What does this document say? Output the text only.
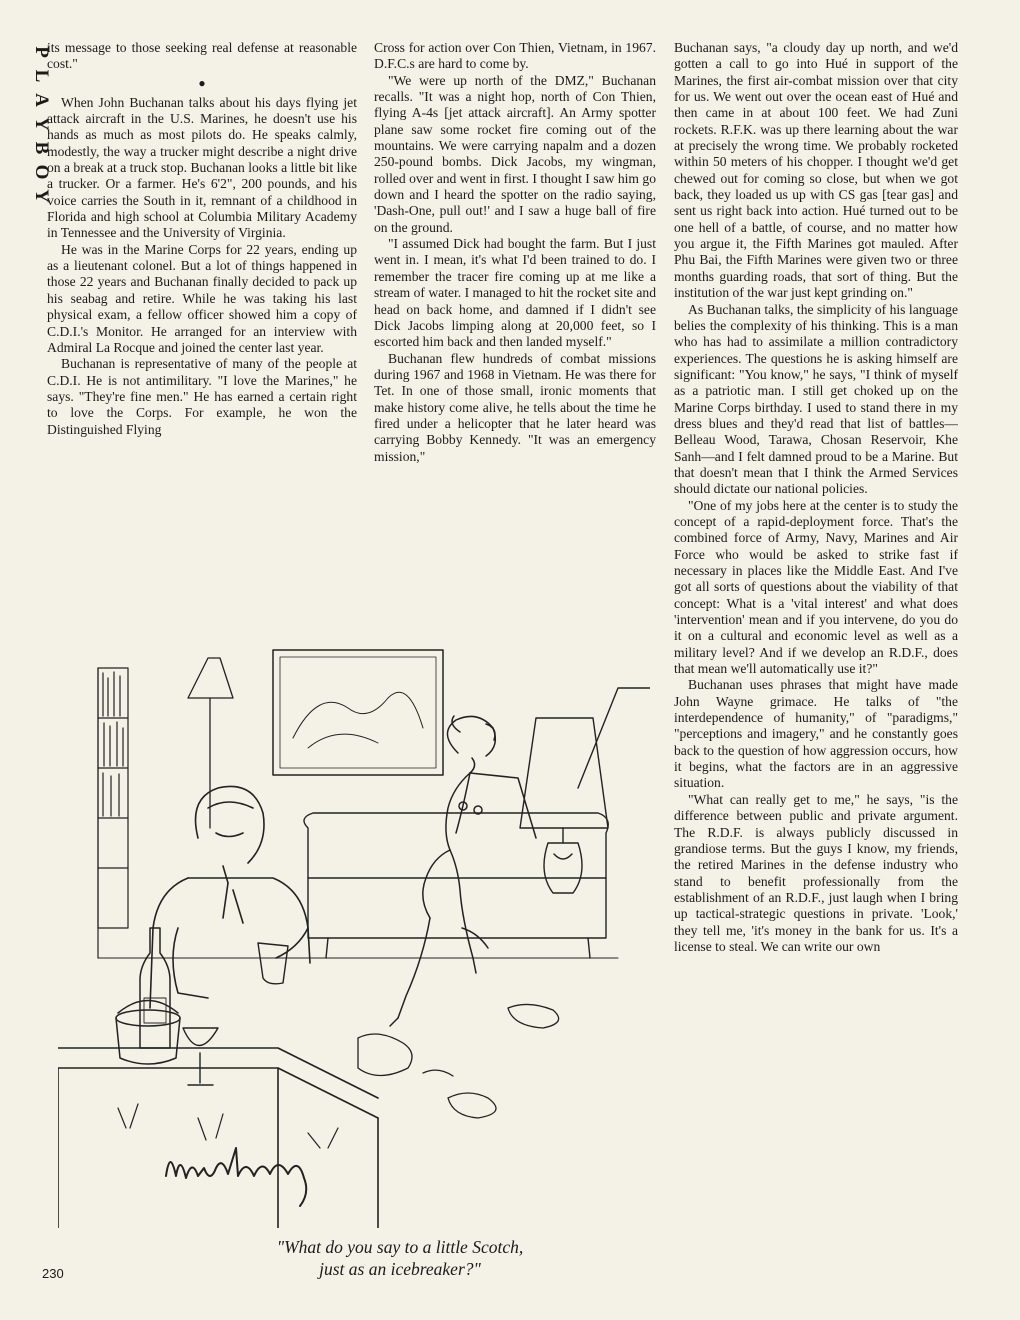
P
L
A
Y
B
O
Y

its message to those seeking real defense at reasonable cost."

●

When John Buchanan talks about his days flying jet attack aircraft in the U.S. Marines, he doesn't use his hands as much as most pilots do. He speaks calmly, modestly, the way a trucker might describe a night drive on a break at a truck stop. Buchanan looks a little bit like a trucker. Or a farmer. He's 6'2", 200 pounds, and his voice carries the South in it, remnant of a childhood in Florida and high school at Columbia Military Academy in Tennessee and the University of Virginia.

He was in the Marine Corps for 22 years, ending up as a lieutenant colonel. But a lot of things happened in those 22 years and Buchanan finally decided to pack up his seabag and retire. While he was taking his last physical exam, a fellow officer showed him a copy of C.D.I.'s Monitor. He arranged for an interview with Admiral La Rocque and joined the center last year.

Buchanan is representative of many of the people at C.D.I. He is not antimilitary. "I love the Marines," he says. "They're fine men." He has earned a certain right to love the Corps. For example, he won the Distinguished Flying

Cross for action over Con Thien, Vietnam, in 1967. D.F.C.s are hard to come by.

"We were up north of the DMZ," Buchanan recalls. "It was a night hop, north of Con Thien, flying A-4s [jet attack aircraft]. An Army spotter plane saw some rocket fire coming out of the mountains. We were carrying napalm and a dozen 250-pound bombs. Dick Jacobs, my wingman, rolled over and went in first. I thought I saw him go down and I heard the spotter on the radio saying, 'Dash-One, pull out!' and I saw a huge ball of fire on the ground.

"I assumed Dick had bought the farm. But I just went in. I mean, it's what I'd been trained to do. I remember the tracer fire coming up at me like a stream of water. I managed to hit the rocket site and head on back home, and damned if I didn't see Dick Jacobs limping along at 20,000 feet, so I escorted him back and then landed myself."

Buchanan flew hundreds of combat missions during 1967 and 1968 in Vietnam. He was there for Tet. In one of those small, ironic moments that make history come alive, he tells about the time he fired under a helicopter that he later heard was carrying Bobby Kennedy. "It was an emergency mission,"

Buchanan says, "a cloudy day up north, and we'd gotten a call to go into Hué in support of the Marines, the first air-combat mission over that city for us. We went out over the ocean east of Hué and then came in at about 100 feet. We had Zuni rockets. R.F.K. was up there learning about the war at precisely the wrong time. We probably rocketed within 50 meters of his chopper. I thought we'd get chewed out for coming so close, but when we got back, they loaded us up with CS gas [tear gas] and sent us right back into action. Hué turned out to be one hell of a battle, of course, and no matter how you argue it, the Fifth Marines got mauled. After Phu Bai, the Fifth Marines were given two or three months guarding roads, that sort of thing. But the institution of the war just kept grinding on."

As Buchanan talks, the simplicity of his language belies the complexity of his thinking. This is a man who has had to assimilate a million contradictory experiences. The questions he is asking himself are significant: "You know," he says, "I think of myself as a patriotic man. I still get choked up on the Marine Corps birthday. I used to stand there in my dress blues and they'd read that list of battles—Belleau Wood, Tarawa, Chosan Reservoir, Khe Sanh—and I felt damned proud to be a Marine. But that doesn't mean that I think the Armed Services should dictate our national policies.

"One of my jobs here at the center is to study the concept of a rapid-deployment force. That's the combined force of Army, Navy, Marines and Air Force who would be asked to strike fast if necessary in places like the Middle East. And I've got all sorts of questions about the viability of that concept: What is a 'vital interest' and what does 'intervention' mean and if you intervene, do you do it on a cultural and economic level as well as a military level? And if we develop an R.D.F., does that mean we'll automatically use it?"

Buchanan uses phrases that might have made John Wayne grimace. He talks of "the interdependence of humanity," of "paradigms," "perceptions and imagery," and he constantly goes back to the question of how aggression occurs, how it begins, what the factors are in an aggressive situation.

"What can really get to me," he says, "is the difference between public and private argument. The R.D.F. is always publicly discussed in grandiose terms. But the guys I know, my friends, the retired Marines in the defense industry who stand to benefit professionally from the establishment of an R.D.F., just laugh when I bring up tactical-strategic questions in private. 'Look,' they tell me, 'it's money in the bank for us. It's a license to steal. We can write our own

"What do you say to a little Scotch,
just as an icebreaker?"
230
